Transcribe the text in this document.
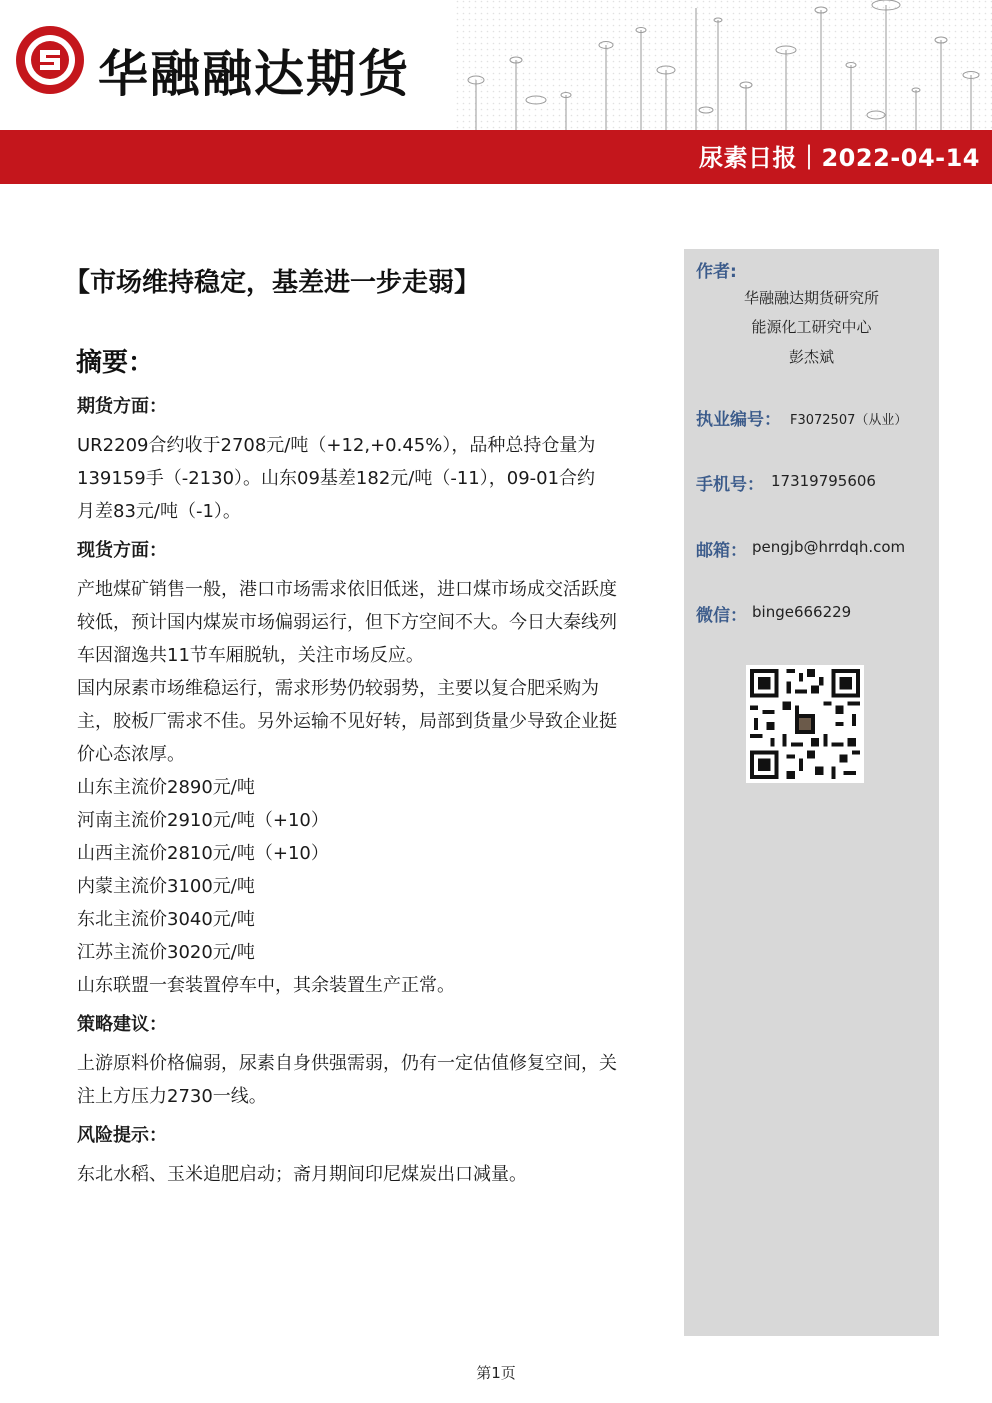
华融融达期货
尿素日报｜2022-04-14
【市场维持稳定，基差进一步走弱】
摘要：
期货方面：

UR2209合约收于2708元/吨（+12,+0.45%），品种总持仓量为

139159手（-2130）。山东09基差182元/吨（-11），09-01合约

月差83元/吨（-1）。

现货方面：

产地煤矿销售一般，港口市场需求依旧低迷，进口煤市场成交活跃度

较低，预计国内煤炭市场偏弱运行，但下方空间不大。今日大秦线列

车因溜逸共11节车厢脱轨，关注市场反应。

国内尿素市场维稳运行，需求形势仍较弱势，主要以复合肥采购为

主，胶板厂需求不佳。另外运输不见好转，局部到货量少导致企业挺

价心态浓厚。

山东主流价2890元/吨

河南主流价2910元/吨（+10）

山西主流价2810元/吨（+10）

内蒙主流价3100元/吨

东北主流价3040元/吨

江苏主流价3020元/吨

山东联盟一套装置停车中，其余装置生产正常。

策略建议：

上游原料价格偏弱，尿素自身供强需弱，仍有一定估值修复空间，关

注上方压力2730一线。

风险提示：

东北水稻、玉米追肥启动；斋月期间印尼煤炭出口减量。

作者:
华融融达期货研究所
能源化工研究中心
彭杰斌
执业编号： F3072507（从业）
手机号： 17319795606
邮箱： pengjb@hrrdqh.com
微信： binge666229
第1页
